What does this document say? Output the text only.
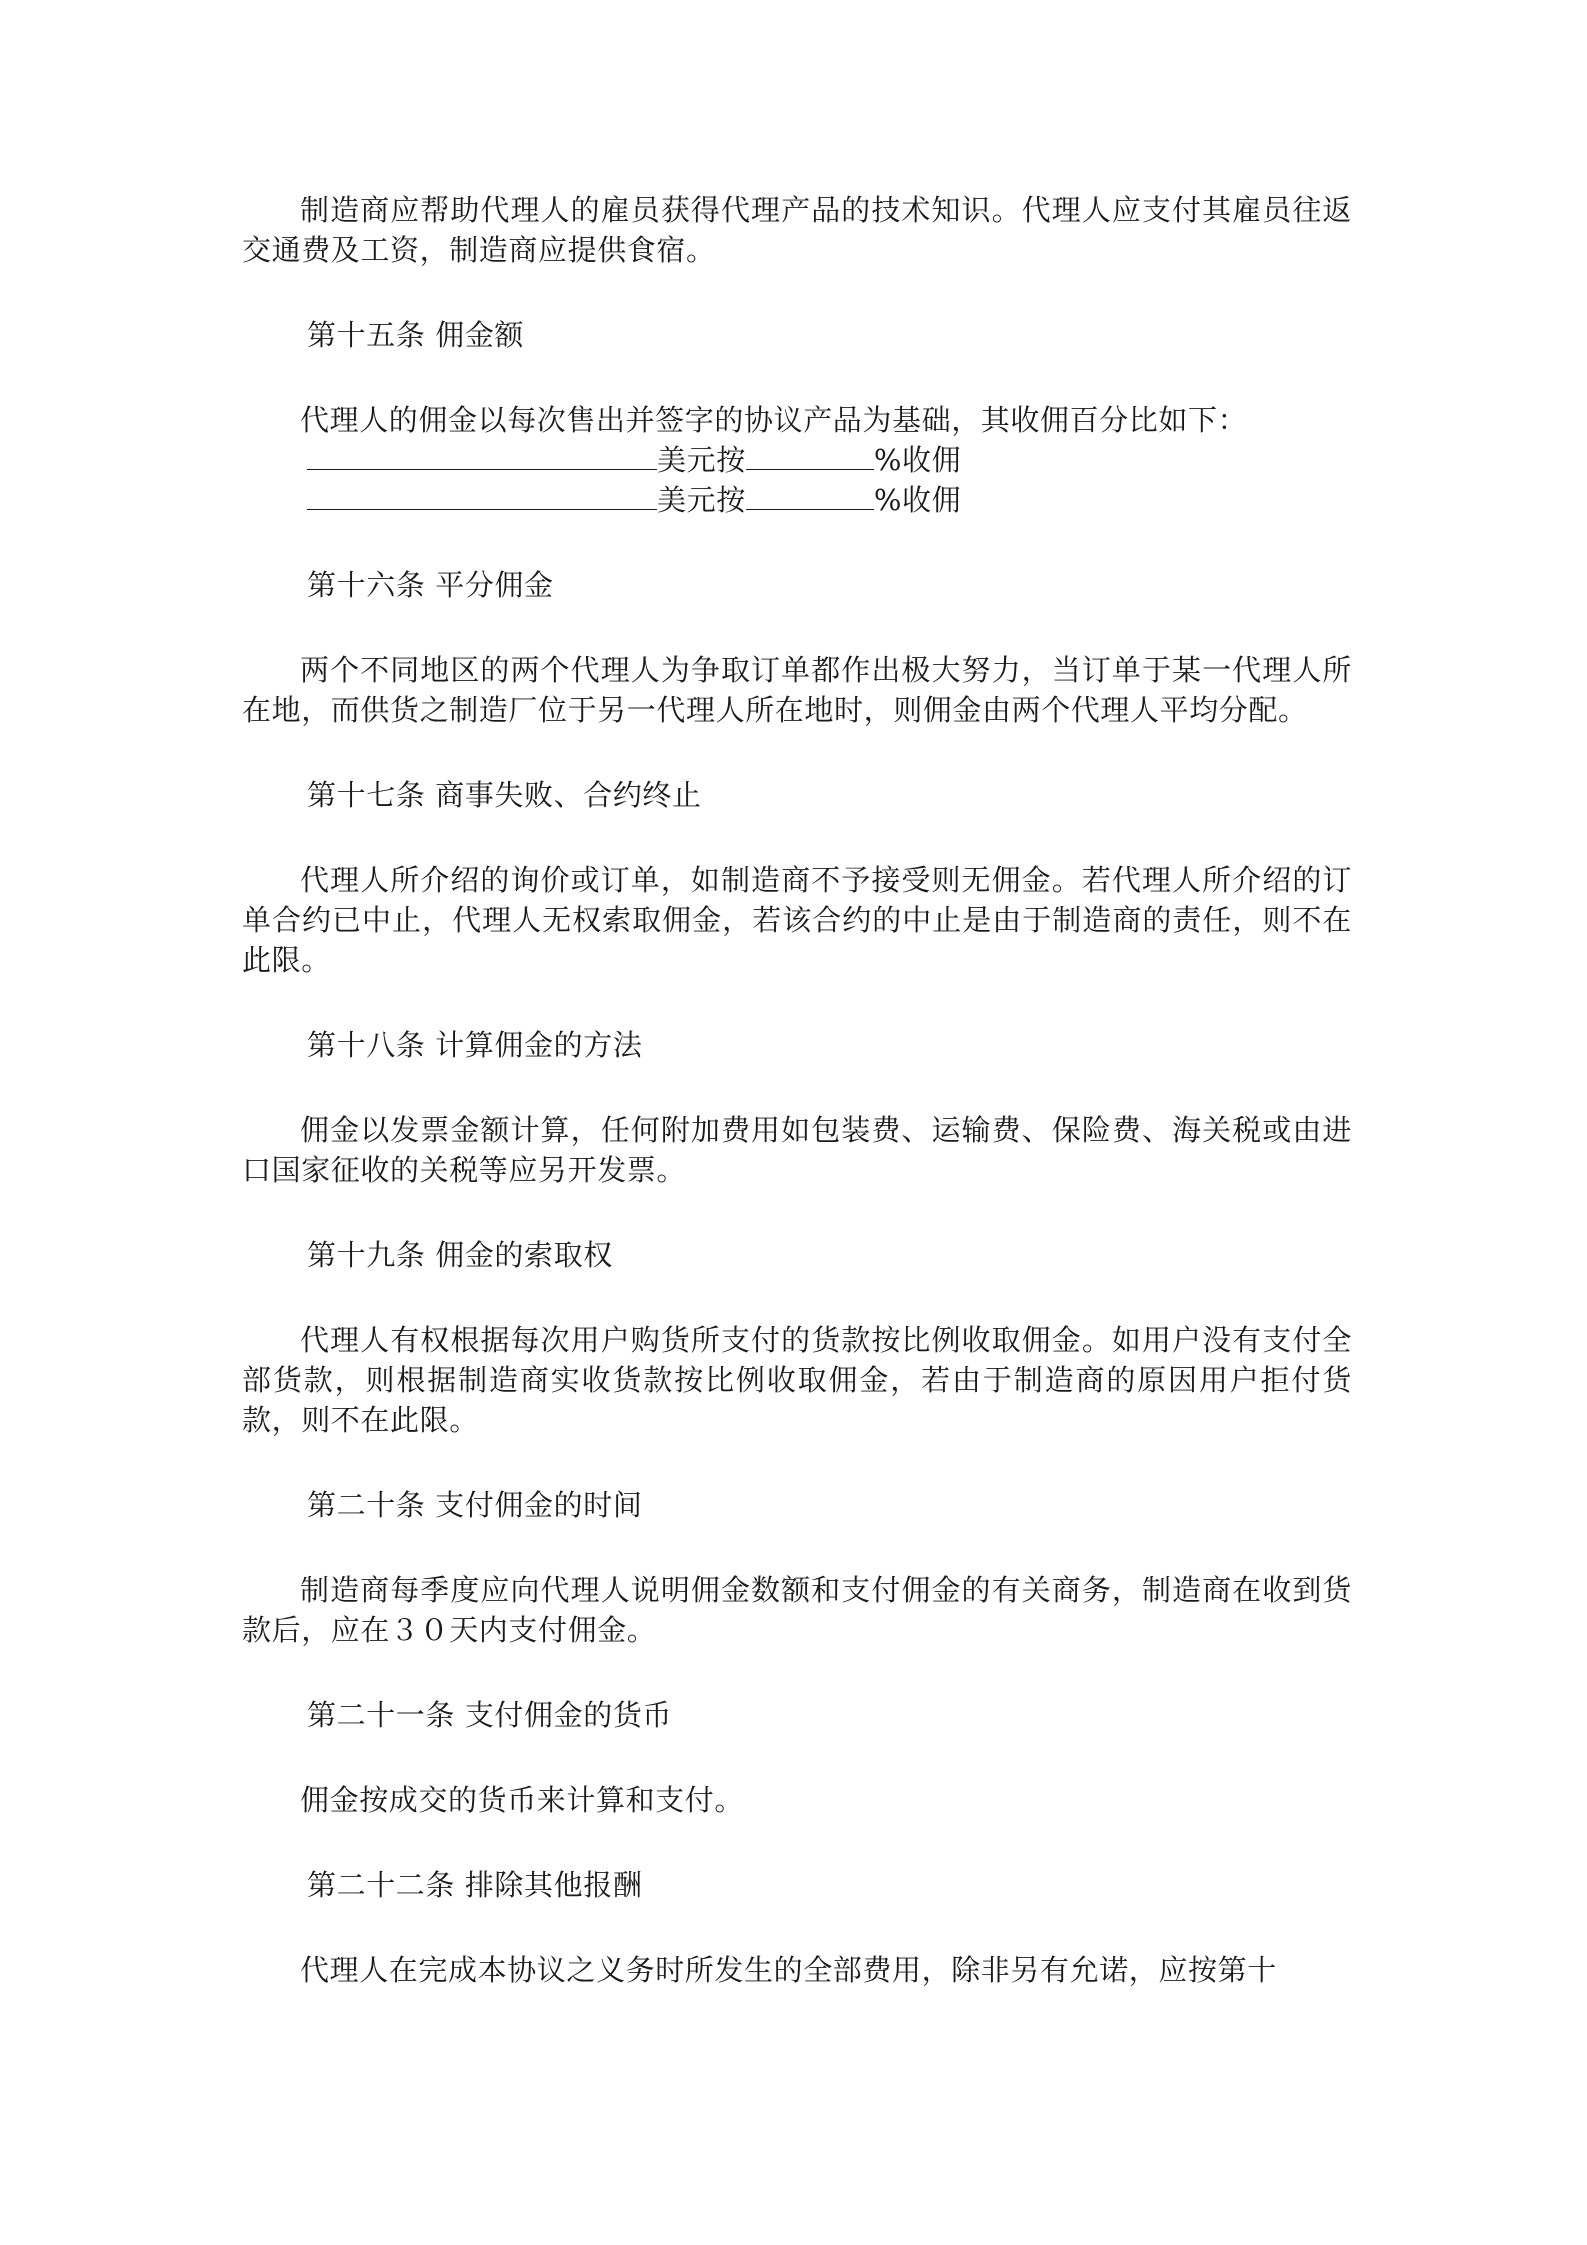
制造商应帮助代理人的雇员获得代理产品的技术知识。代理人应支付其雇员往返交通费及工资，制造商应提供食宿。

第十五条 佣金额

代理人的佣金以每次售出并签字的协议产品为基础，其收佣百分比如下：

美元按	%收佣

美元按	%收佣

第十六条 平分佣金

两个不同地区的两个代理人为争取订单都作出极大努力，当订单于某一代理人所在地，而供货之制造厂位于另一代理人所在地时，则佣金由两个代理人平均分配。

第十七条 商事失败、合约终止

代理人所介绍的询价或订单，如制造商不予接受则无佣金。若代理人所介绍的订单合约已中止，代理人无权索取佣金，若该合约的中止是由于制造商的责任，则不在此限。

第十八条 计算佣金的方法

佣金以发票金额计算，任何附加费用如包装费、运输费、保险费、海关税或由进口国家征收的关税等应另开发票。

第十九条 佣金的索取权

代理人有权根据每次用户购货所支付的货款按比例收取佣金。如用户没有支付全部货款，则根据制造商实收货款按比例收取佣金，若由于制造商的原因用户拒付货款，则不在此限。

第二十条 支付佣金的时间

制造商每季度应向代理人说明佣金数额和支付佣金的有关商务，制造商在收到货款后，应在３０天内支付佣金。

第二十一条 支付佣金的货币

佣金按成交的货币来计算和支付。

第二十二条 排除其他报酬

代理人在完成本协议之义务时所发生的全部费用，除非另有允诺，应按第十
